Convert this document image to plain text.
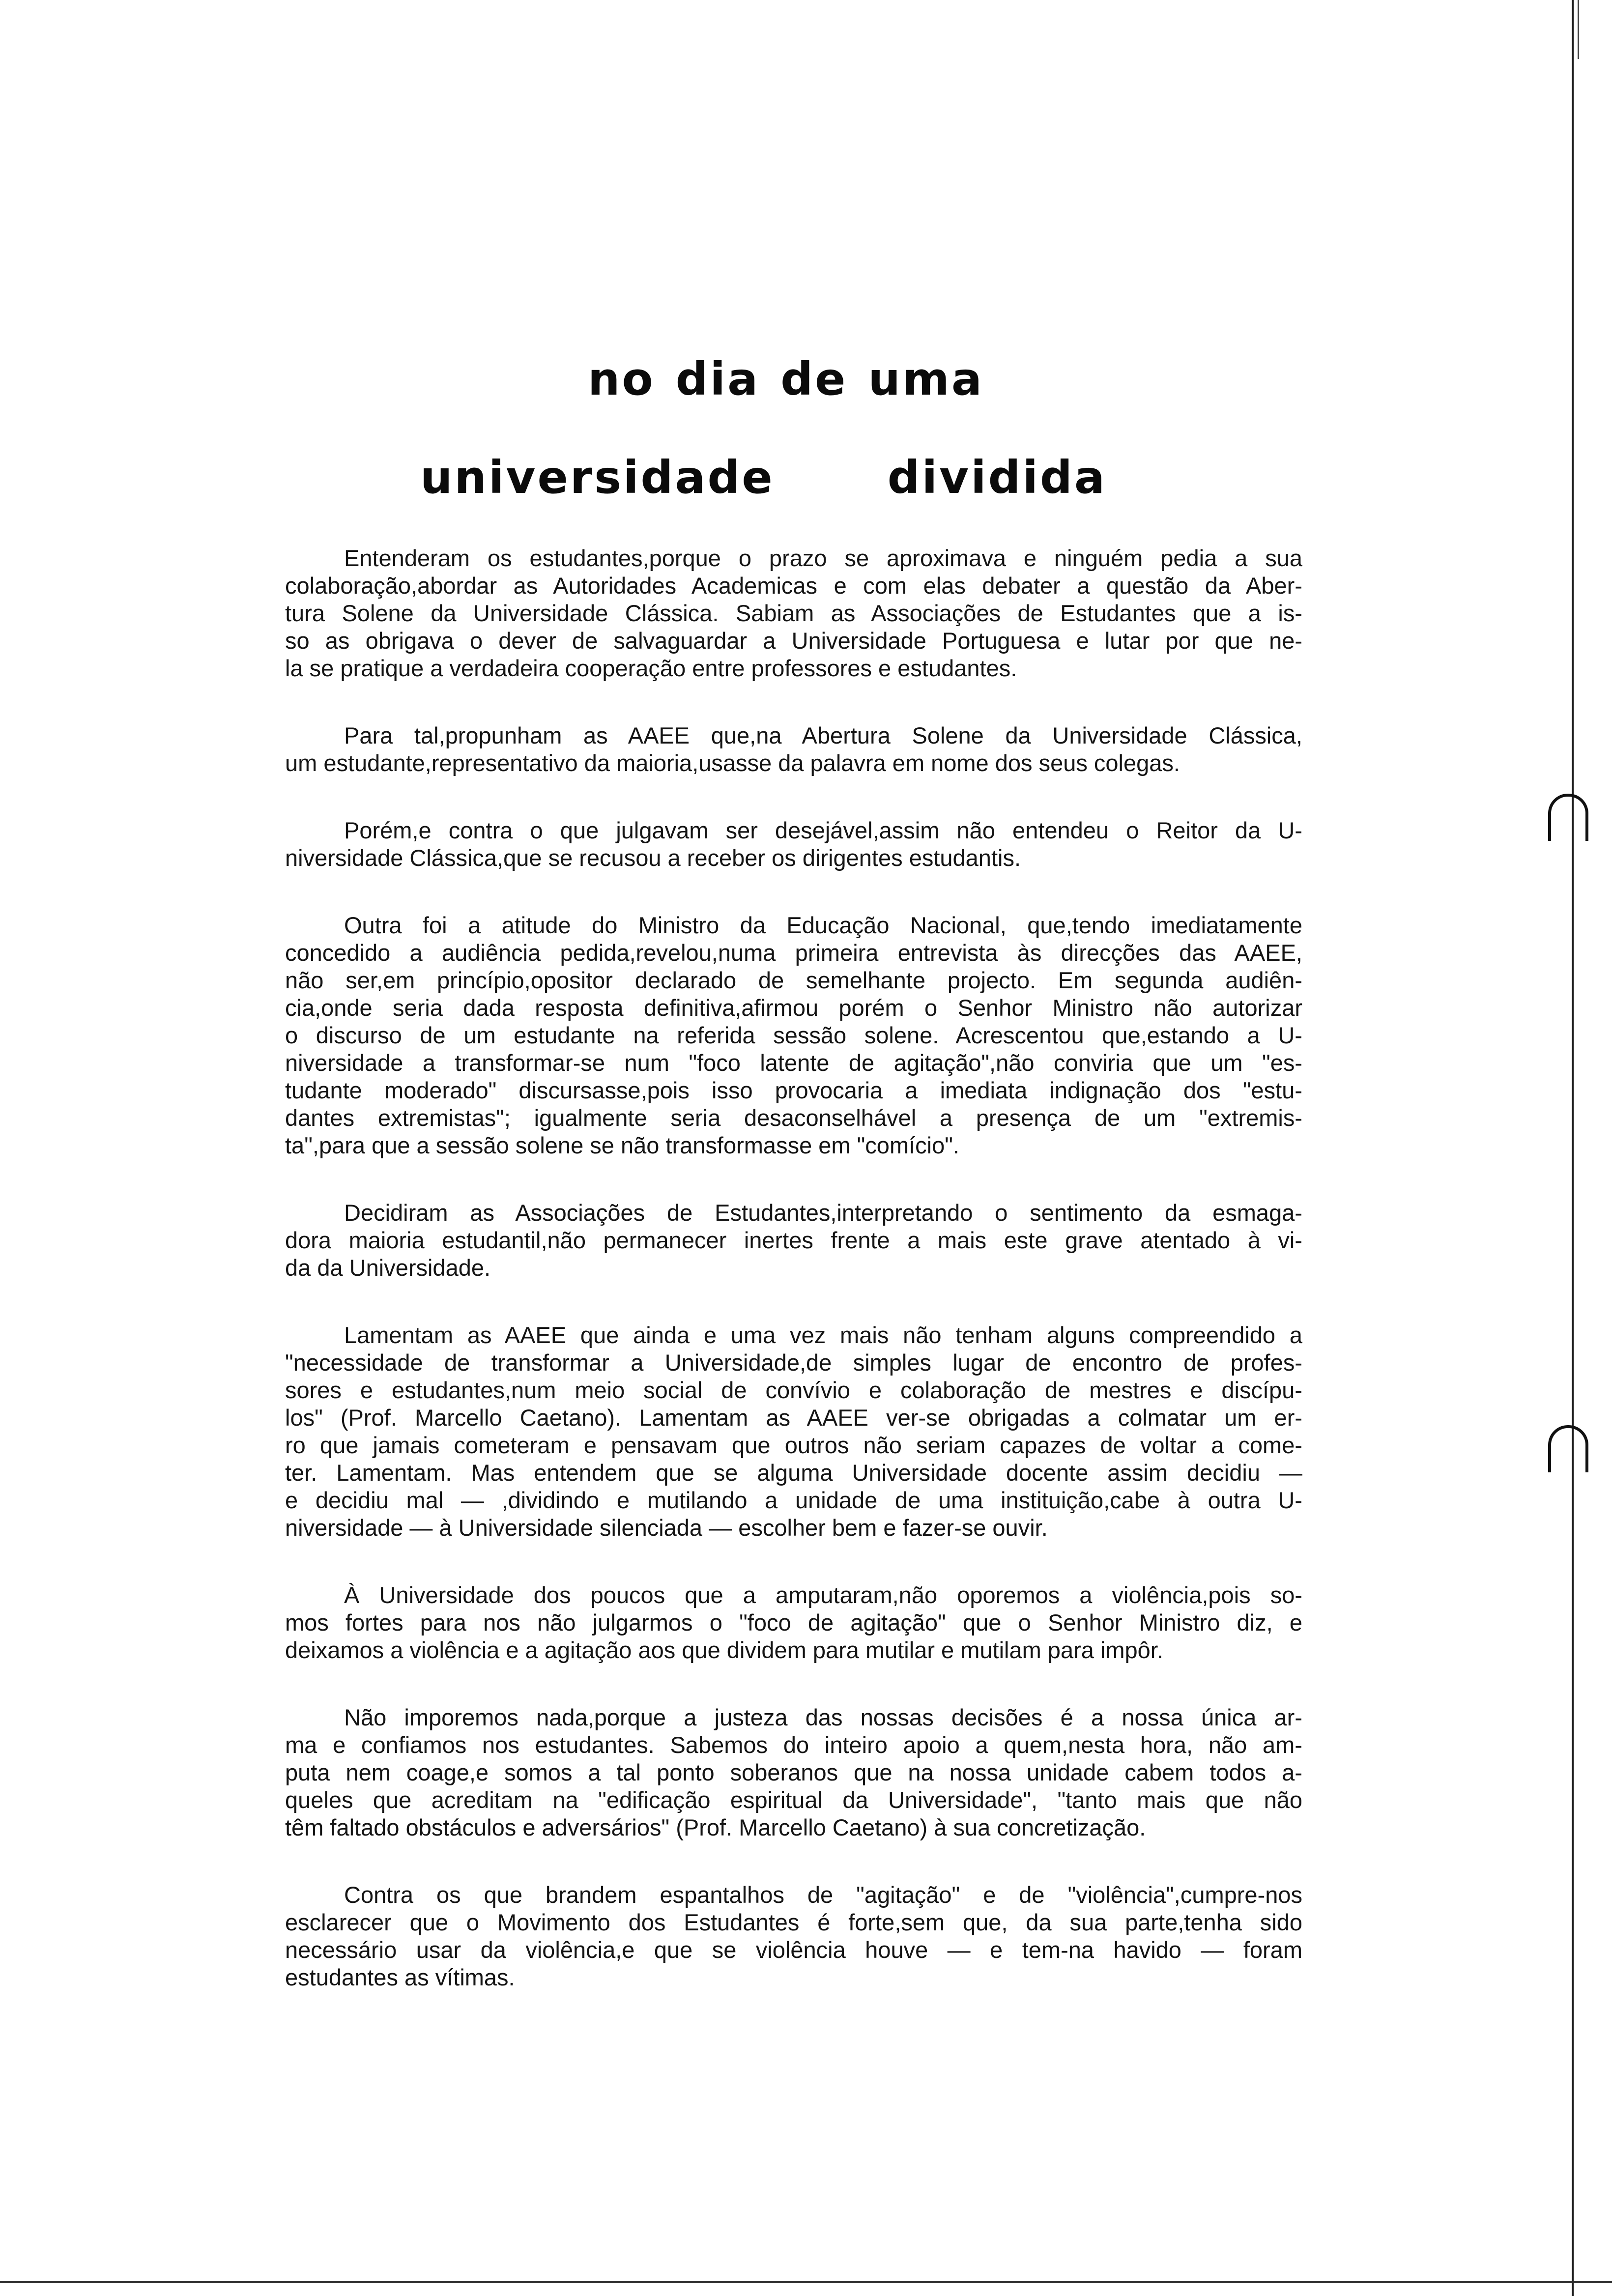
no dia de uma
universidade	dividida

Entenderam os estudantes,porque o prazo se aproximava e ninguém pedia a sua
colaboração,abordar as Autoridades Academicas e com elas debater a questão da Aber-
tura Solene da Universidade Clássica. Sabiam as Associações de Estudantes que a is-
so as obrigava o dever de salvaguardar a Universidade Portuguesa e lutar por que ne-
la se pratique a verdadeira cooperação entre professores e estudantes.

Para tal,propunham as AAEE que,na Abertura Solene da Universidade Clássica,
um estudante,representativo da maioria,usasse da palavra em nome dos seus colegas.

Porém,e contra o que julgavam ser desejável,assim não entendeu o Reitor da U-
niversidade Clássica,que se recusou a receber os dirigentes estudantis.

Outra foi a atitude do Ministro da Educação Nacional, que,tendo imediatamente
concedido a audiência pedida,revelou,numa primeira entrevista às direcções das AAEE,
não ser,em princípio,opositor declarado de semelhante projecto. Em segunda audiên-
cia,onde seria dada resposta definitiva,afirmou porém o Senhor Ministro não autorizar
o discurso de um estudante na referida sessão solene. Acrescentou que,estando a U-
niversidade a transformar-se num "foco latente de agitação",não conviria que um "es-
tudante moderado" discursasse,pois isso provocaria a imediata indignação dos "estu-
dantes extremistas"; igualmente seria desaconselhável a presença de um "extremis-
ta",para que a sessão solene se não transformasse em "comício".

Decidiram as Associações de Estudantes,interpretando o sentimento da esmaga-
dora maioria estudantil,não permanecer inertes frente a mais este grave atentado à vi-
da da Universidade.

Lamentam as AAEE que ainda e uma vez mais não tenham alguns compreendido a
"necessidade de transformar a Universidade,de simples lugar de encontro de profes-
sores e estudantes,num meio social de convívio e colaboração de mestres e discípu-
los" (Prof. Marcello Caetano). Lamentam as AAEE ver-se obrigadas a colmatar um er-
ro que jamais cometeram e pensavam que outros não seriam capazes de voltar a come-
ter. Lamentam. Mas entendem que se alguma Universidade docente assim decidiu —
e decidiu mal — ,dividindo e mutilando a unidade de uma instituição,cabe à outra U-
niversidade — à Universidade silenciada — escolher bem e fazer-se ouvir.

À Universidade dos poucos que a amputaram,não oporemos a violência,pois so-
mos fortes para nos não julgarmos o "foco de agitação" que o Senhor Ministro diz, e
deixamos a violência e a agitação aos que dividem para mutilar e mutilam para impôr.

Não imporemos nada,porque a justeza das nossas decisões é a nossa única ar-
ma e confiamos nos estudantes. Sabemos do inteiro apoio a quem,nesta hora, não am-
puta nem coage,e somos a tal ponto soberanos que na nossa unidade cabem todos a-
queles que acreditam na "edificação espiritual da Universidade", "tanto mais que não
têm faltado obstáculos e adversários" (Prof. Marcello Caetano) à sua concretização.

Contra os que brandem espantalhos de "agitação" e de "violência",cumpre-nos
esclarecer que o Movimento dos Estudantes é forte,sem que, da sua parte,tenha sido
necessário usar da violência,e que se violência houve — e tem-na havido — foram
estudantes as vítimas.
